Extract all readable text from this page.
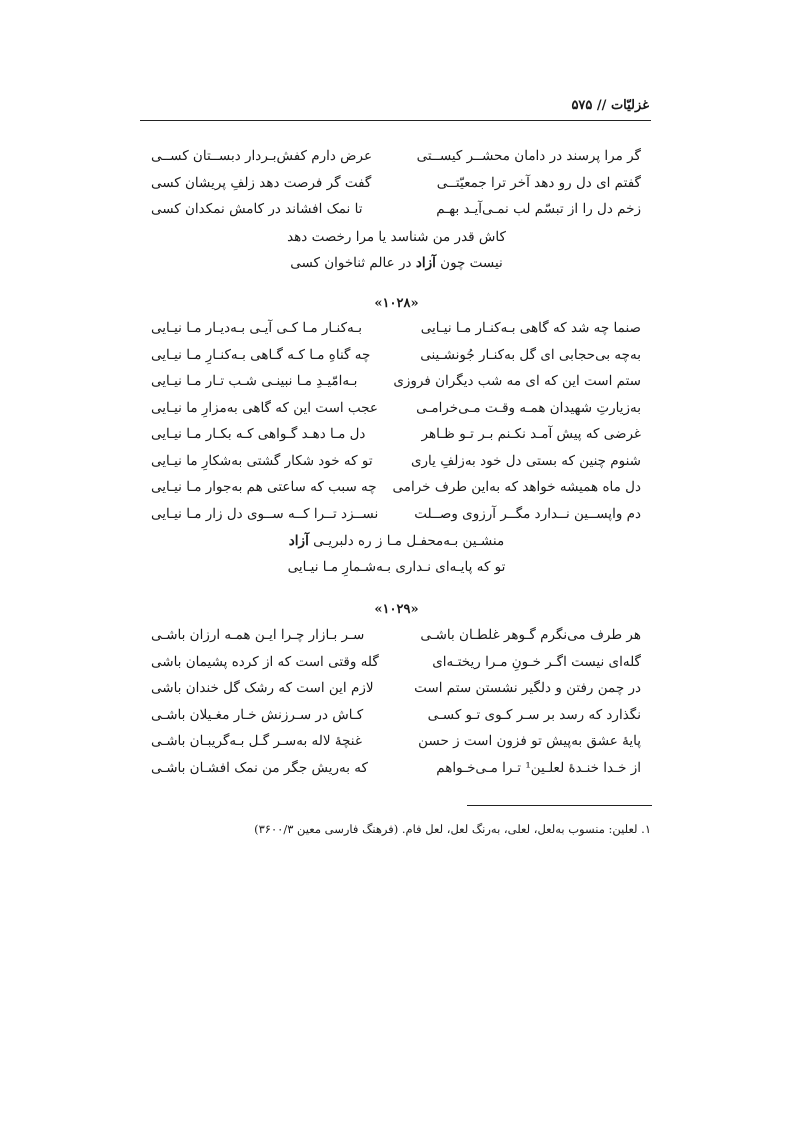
غزلیّات // ۵۷۵
گر مرا پرسند در دامان محشــر کیســتی
عرض دارم کفش‌بـردار دبســتان کســی
گفتم ای دل رو دهد آخر ترا جمعیّتــی
گفت گر فرصت دهد زلفِ پریشان کسی
زخم دل را از تبسّم لب نمـی‌آیـد بهـم
تا نمک افشاند در کامش نمکدان کسی
کاش قدر من شناسد یا مرا رخصت دهد
نیست چون آزاد در عالم ثناخوان کسی
«۱۰۲۸»
صنما چه شد که گاهی بـه‌کنـار مـا نیـایی
بـه‌کنـار مـا کـی آیـی بـه‌دیـار مـا نیـایی
به‌چه بی‌حجابی ای گل به‌کنـار جُونشـینی
چه گناهِ مـا کـه گـاهی بـه‌کنـارِ مـا نیـایی
ستم است این که ای مه شب دیگران فروزی
بـه‌امّیـدِ مـا نبینـی شـب تـار مـا نیـایی
به‌زیارتِ شهیدان همـه وقـت مـی‌خرامـی
عجب است این که گاهی به‌مزارِ ما نیـایی
غرضی که پیش آمـد نکـنم بـر تـو ظـاهر
دل مـا دهـد گـواهی کـه بکـار مـا نیـایی
شنوم چنین که بستی دل خود به‌زلفِ یاری
تو که خود شکار گشتی به‌شکارِ ما نیـایی
دل ماه همیشه خواهد که به‌این طرف خرامی
چه سبب که ساعتی هم به‌جوار مـا نیـایی
دم واپســین نــدارد مگــر آرزوی وصــلت
نســزد تــرا کــه ســوی دل زار مـا نیـایی
منشـین بـه‌محفـل مـا ز ره دلبریـی آزاد
تو که پایـه‌ای نـداری بـه‌شـمارِ مـا نیـایی
«۱۰۲۹»
هر طرف می‌نگرم گـوهر غلطـان باشـی
سـر بـازار چـرا ایـن همـه ارزان باشـی
گله‌ای نیست اگـر خـونِ مـرا ریختـه‌ای
گله وقتی است که از کرده پشیمان باشی
در چمن رفتن و دلگیر نشستن ستم است
لازم این است که رشک گل خندان باشی
نگذارد که رسد بر سـر کـوی تـو کسـی
کـاش در سـرزنش خـار مغـیلان باشـی
پایۀ عشق به‌پیش تو فزون است ز حسن
غنچۀ لاله به‌سـر گـل بـه‌گریبـان باشـی
از خـدا خنـدۀ لعلـین¹ تـرا مـی‌خـواهم
که به‌ریش جگر من نمک افشـان باشـی
۱. لعلین: منسوب به‌لعل، لعلی، به‌رنگ لعل، لعل فام. (فرهنگ فارسی معین ۳۶۰۰/۳)
